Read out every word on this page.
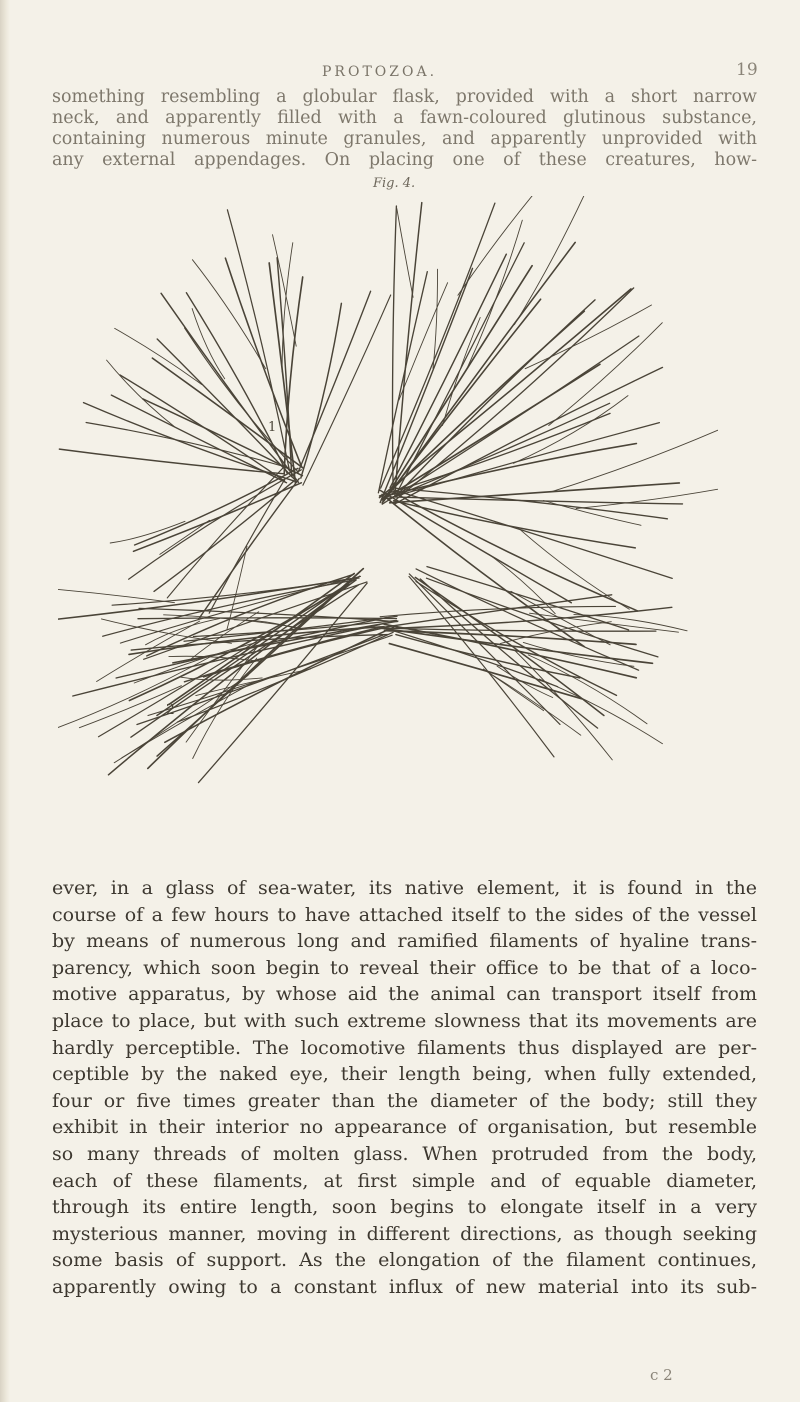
PROTOZOA.	19

something resembling a globular flask, provided with a short narrow
neck, and apparently filled with a fawn-coloured glutinous substance,
containing numerous minute granules, and apparently unprovided with
any external appendages. On placing one of these creatures, how-

Fig. 4.
1
2

ever, in a glass of sea-water, its native element, it is found in the
course of a few hours to have attached itself to the sides of the vessel
by means of numerous long and ramified filaments of hyaline trans-
parency, which soon begin to reveal their office to be that of a loco-
motive apparatus, by whose aid the animal can transport itself from
place to place, but with such extreme slowness that its movements are
hardly perceptible. The locomotive filaments thus displayed are per-
ceptible by the naked eye, their length being, when fully extended,
four or five times greater than the diameter of the body; still they
exhibit in their interior no appearance of organisation, but resemble
so many threads of molten glass. When protruded from the body,
each of these filaments, at first simple and of equable diameter,
through its entire length, soon begins to elongate itself in a very
mysterious manner, moving in different directions, as though seeking
some basis of support. As the elongation of the filament continues,
apparently owing to a constant influx of new material into its sub-

c 2
